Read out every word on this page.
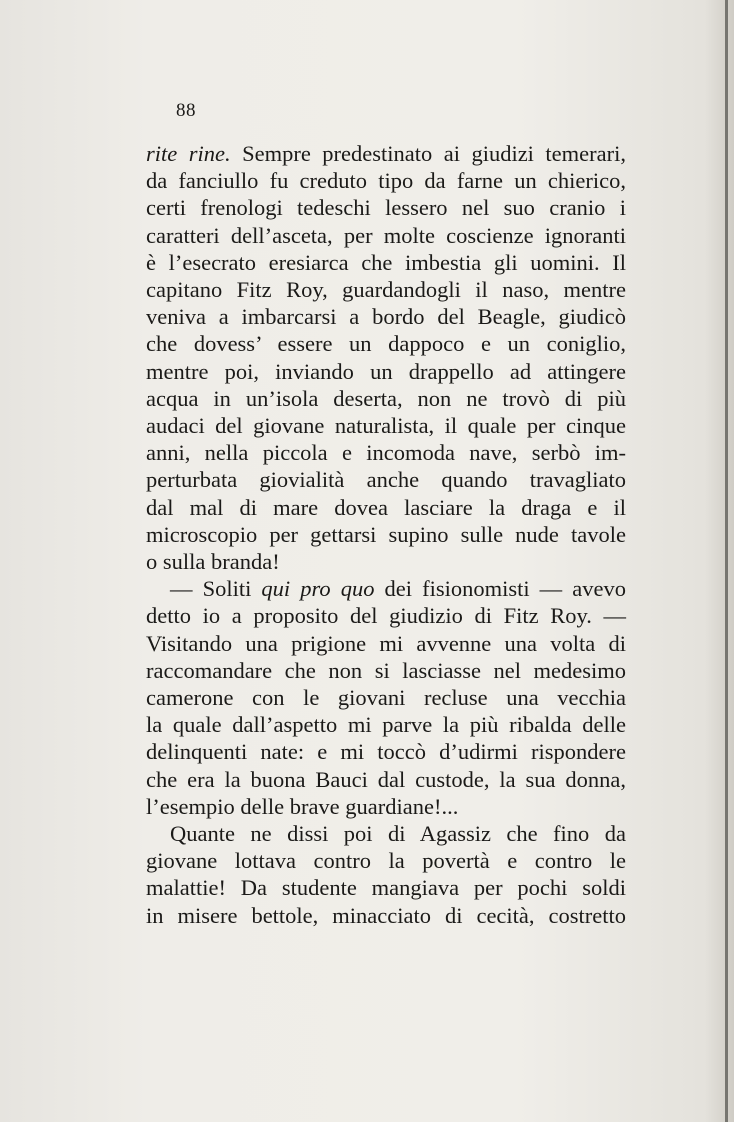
88
rite rine. Sempre predestinato ai giudizi temerari,
da fanciullo fu creduto tipo da farne un chierico,
certi frenologi tedeschi lessero nel suo cranio i
caratteri dell’asceta, per molte coscienze ignoranti
è l’esecrato eresiarca che imbestia gli uomini. Il
capitano Fitz Roy, guardandogli il naso, mentre
veniva a imbarcarsi a bordo del Beagle, giudicò
che dovess’ essere un dappoco e un coniglio,
mentre poi, inviando un drappello ad attingere
acqua in un’isola deserta, non ne trovò di più
audaci del giovane naturalista, il quale per cinque
anni, nella piccola e incomoda nave, serbò im-
perturbata giovialità anche quando travagliato
dal mal di mare dovea lasciare la draga e il
microscopio per gettarsi supino sulle nude tavole
o sulla branda!
— Soliti qui pro quo dei fisionomisti — avevo
detto io a proposito del giudizio di Fitz Roy. —
Visitando una prigione mi avvenne una volta di
raccomandare che non si lasciasse nel medesimo
camerone con le giovani recluse una vecchia
la quale dall’aspetto mi parve la più ribalda delle
delinquenti nate: e mi toccò d’udirmi rispondere
che era la buona Bauci dal custode, la sua donna,
l’esempio delle brave guardiane!...
Quante ne dissi poi di Agassiz che fino da
giovane lottava contro la povertà e contro le
malattie! Da studente mangiava per pochi soldi
in misere bettole, minacciato di cecità, costretto
